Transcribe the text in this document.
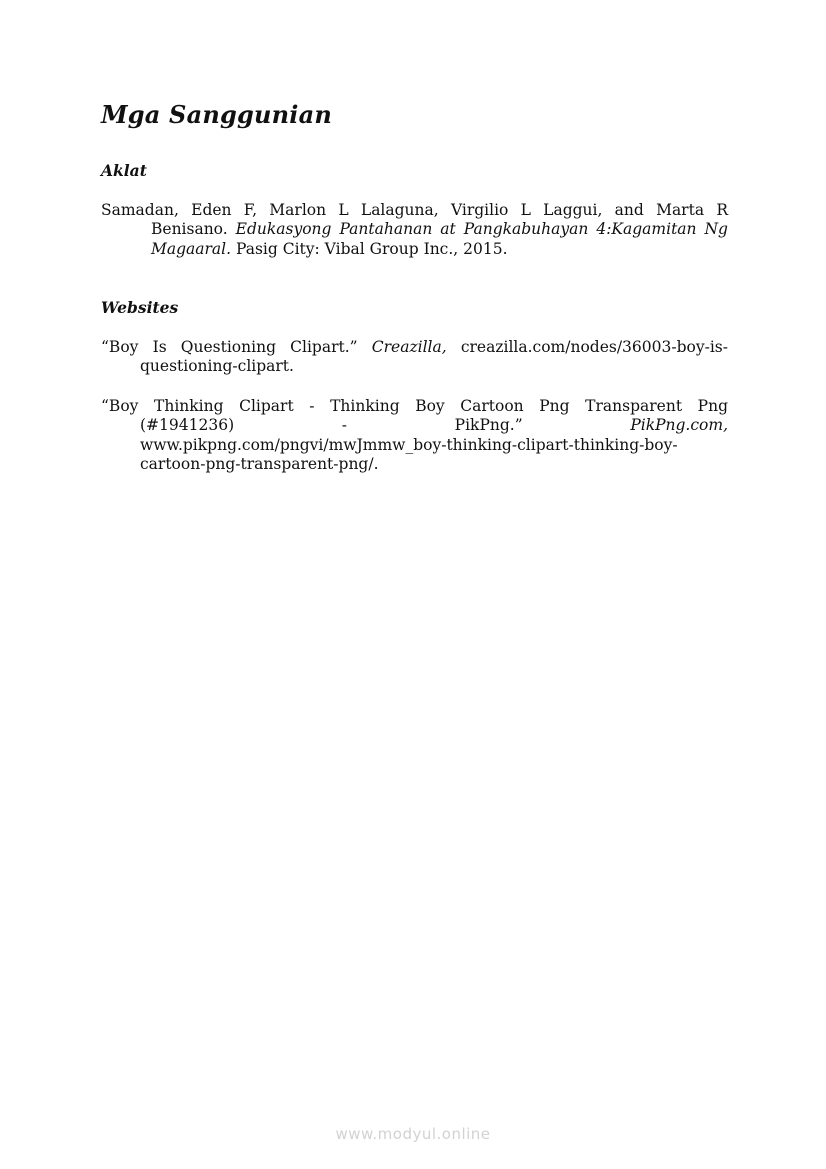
Mga Sanggunian
Aklat

Samadan, Eden F, Marlon L Lalaguna, Virgilio L Laggui, and Marta R Benisano. Edukasyong Pantahanan at Pangkabuhayan 4:Kagamitan Ng Magaaral. Pasig City: Vibal Group Inc., 2015.

Websites

“Boy Is Questioning Clipart.” Creazilla, creazilla.com/nodes/36003-boy-is-questioning-clipart.

“Boy Thinking Clipart - Thinking Boy Cartoon Png Transparent Png (#1941236) - PikPng.”	PikPng.com, www.pikpng.com/pngvi/mwJmmw_boy-thinking-clipart-thinking-boy-cartoon-png-transparent-png/.

www.modyul.online
